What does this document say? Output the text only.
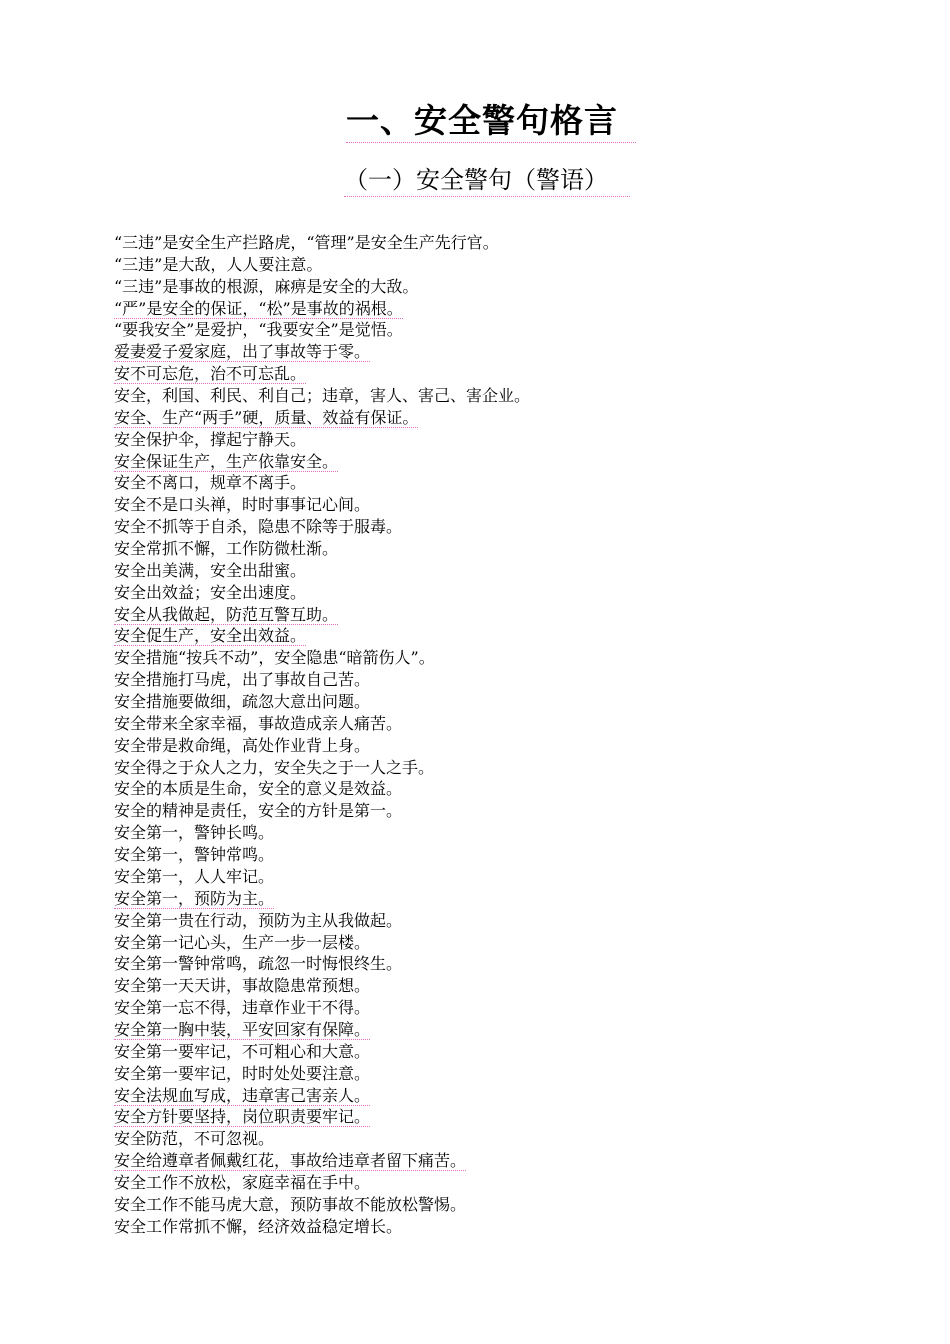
一、安全警句格言
（一）安全警句（警语）
“三违”是安全生产拦路虎，“管理”是安全生产先行官。
“三违”是大敌，人人要注意。
“三违”是事故的根源，麻痹是安全的大敌。
“严”是安全的保证，“松”是事故的祸根。
“要我安全”是爱护，“我要安全”是觉悟。
爱妻爱子爱家庭，出了事故等于零。
安不可忘危，治不可忘乱。
安全，利国、利民、利自己；违章，害人、害己、害企业。
安全、生产“两手”硬，质量、效益有保证。
安全保护伞，撑起宁静天。
安全保证生产，生产依靠安全。
安全不离口，规章不离手。
安全不是口头禅，时时事事记心间。
安全不抓等于自杀，隐患不除等于服毒。
安全常抓不懈，工作防微杜渐。
安全出美满，安全出甜蜜。
安全出效益；安全出速度。
安全从我做起，防范互警互助。
安全促生产，安全出效益。
安全措施“按兵不动”，安全隐患“暗箭伤人”。
安全措施打马虎，出了事故自己苦。
安全措施要做细，疏忽大意出问题。
安全带来全家幸福，事故造成亲人痛苦。
安全带是救命绳，高处作业背上身。
安全得之于众人之力，安全失之于一人之手。
安全的本质是生命，安全的意义是效益。
安全的精神是责任，安全的方针是第一。
安全第一，警钟长鸣。
安全第一，警钟常鸣。
安全第一，人人牢记。
安全第一，预防为主。
安全第一贵在行动，预防为主从我做起。
安全第一记心头，生产一步一层楼。
安全第一警钟常鸣，疏忽一时悔恨终生。
安全第一天天讲，事故隐患常预想。
安全第一忘不得，违章作业干不得。
安全第一胸中装，平安回家有保障。
安全第一要牢记，不可粗心和大意。
安全第一要牢记，时时处处要注意。
安全法规血写成，违章害己害亲人。
安全方针要坚持，岗位职责要牢记。
安全防范，不可忽视。
安全给遵章者佩戴红花，事故给违章者留下痛苦。
安全工作不放松，家庭幸福在手中。
安全工作不能马虎大意，预防事故不能放松警惕。
安全工作常抓不懈，经济效益稳定增长。
